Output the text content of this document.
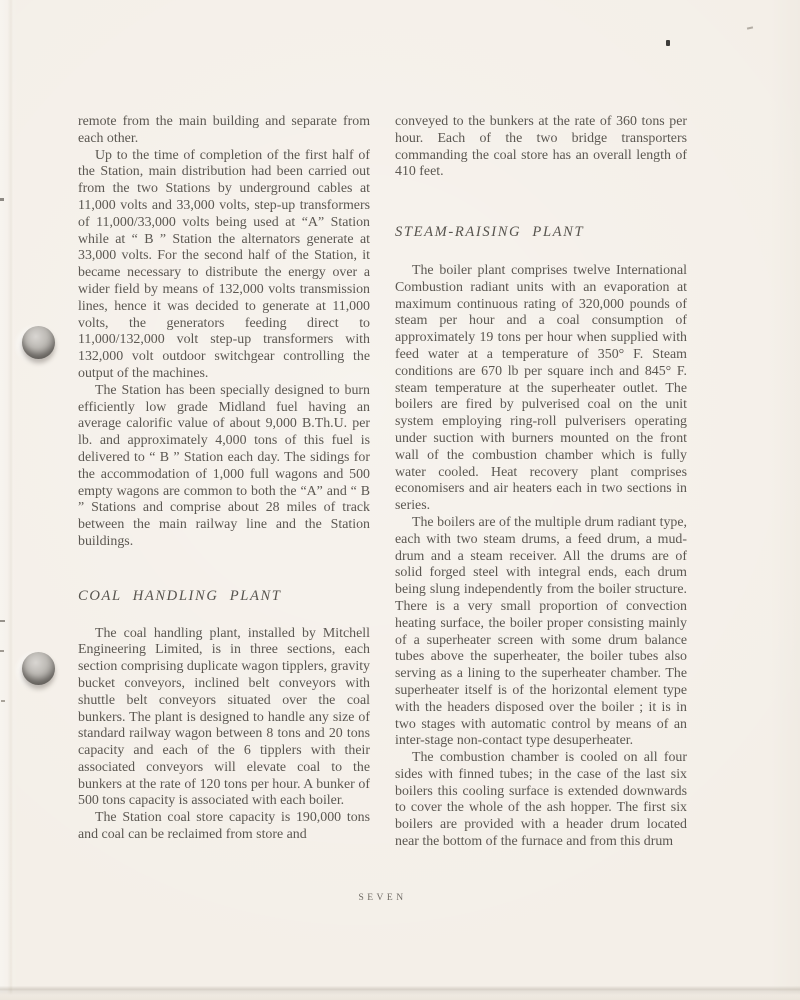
remote from the main building and separate from each other.

Up to the time of completion of the first half of the Station, main distribution had been carried out from the two Stations by underground cables at 11,000 volts and 33,000 volts, step-up transformers of 11,000/33,000 volts being used at “A” Station while at “ B ” Station the alternators generate at 33,000 volts. For the second half of the Station, it became necessary to distribute the energy over a wider field by means of 132,000 volts transmission lines, hence it was decided to generate at 11,000 volts, the generators feeding direct to 11,000/132,000 volt step-up transformers with 132,000 volt outdoor switchgear controlling the output of the machines.

The Station has been specially designed to burn efficiently low grade Midland fuel having an average calorific value of about 9,000 B.Th.U. per lb. and approximately 4,000 tons of this fuel is delivered to “ B ” Station each day. The sidings for the accommodation of 1,000 full wagons and 500 empty wagons are common to both the “A” and “ B ” Stations and comprise about 28 miles of track between the main railway line and the Station buildings.

COAL HANDLING PLANT

The coal handling plant, installed by Mitchell Engineering Limited, is in three sections, each section comprising duplicate wagon tipplers, gravity bucket conveyors, inclined belt conveyors with shuttle belt conveyors situated over the coal bunkers. The plant is designed to handle any size of standard railway wagon between 8 tons and 20 tons capacity and each of the 6 tipplers with their associated conveyors will elevate coal to the bunkers at the rate of 120 tons per hour. A bunker of 500 tons capacity is associated with each boiler.

The Station coal store capacity is 190,000 tons and coal can be reclaimed from store and

conveyed to the bunkers at the rate of 360 tons per hour. Each of the two bridge transporters commanding the coal store has an overall length of 410 feet.

STEAM-RAISING PLANT

The boiler plant comprises twelve International Combustion radiant units with an evaporation at maximum continuous rating of 320,000 pounds of steam per hour and a coal consumption of approximately 19 tons per hour when supplied with feed water at a temperature of 350° F. Steam conditions are 670 lb per square inch and 845° F. steam temperature at the superheater outlet. The boilers are fired by pulverised coal on the unit system employing ring-roll pulverisers operating under suction with burners mounted on the front wall of the combustion chamber which is fully water cooled. Heat recovery plant comprises economisers and air heaters each in two sections in series.

The boilers are of the multiple drum radiant type, each with two steam drums, a feed drum, a mud-drum and a steam receiver. All the drums are of solid forged steel with integral ends, each drum being slung independently from the boiler structure. There is a very small proportion of convection heating surface, the boiler proper consisting mainly of a superheater screen with some drum balance tubes above the superheater, the boiler tubes also serving as a lining to the superheater chamber. The superheater itself is of the horizontal element type with the headers disposed over the boiler ; it is in two stages with automatic control by means of an inter-stage non-contact type desuperheater.

The combustion chamber is cooled on all four sides with finned tubes; in the case of the last six boilers this cooling surface is extended downwards to cover the whole of the ash hopper. The first six boilers are provided with a header drum located near the bottom of the furnace and from this drum

SEVEN
